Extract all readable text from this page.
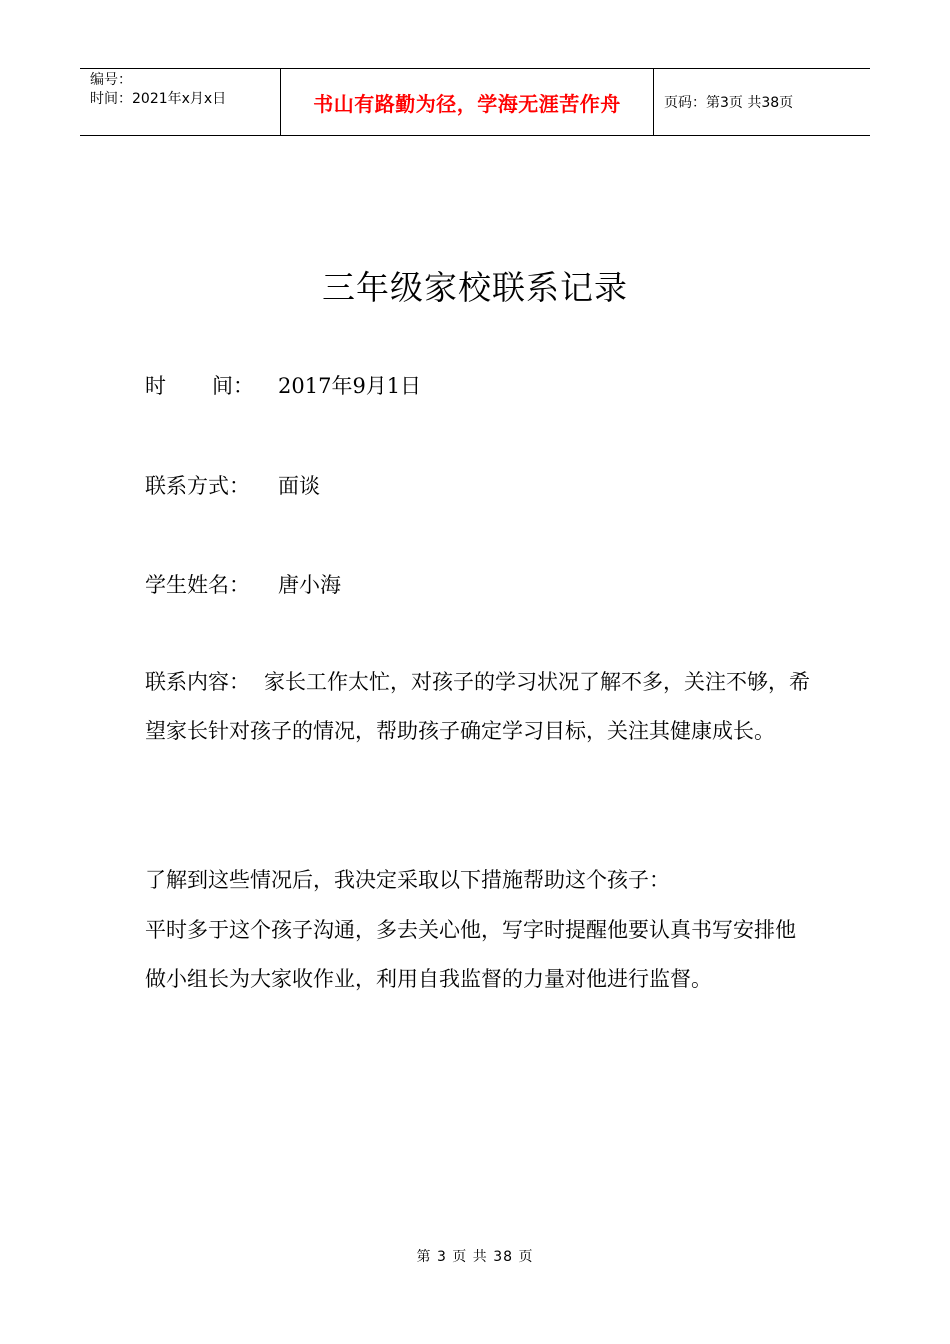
编号：
时间：2021年x月x日	书山有路勤为径，学海无涯苦作舟	页码：第3页 共38页
三年级家校联系记录
时 间： 2017年9月1日
联系方式： 面谈
学生姓名： 唐小海
联系内容： 家长工作太忙，对孩子的学习状况了解不多，关注不够，希望家长针对孩子的情况，帮助孩子确定学习目标，关注其健康成长。
了解到这些情况后，我决定采取以下措施帮助这个孩子：
平时多于这个孩子沟通，多去关心他，写字时提醒他要认真书写安排他做小组长为大家收作业，利用自我监督的力量对他进行监督。
第 3 页 共 38 页
